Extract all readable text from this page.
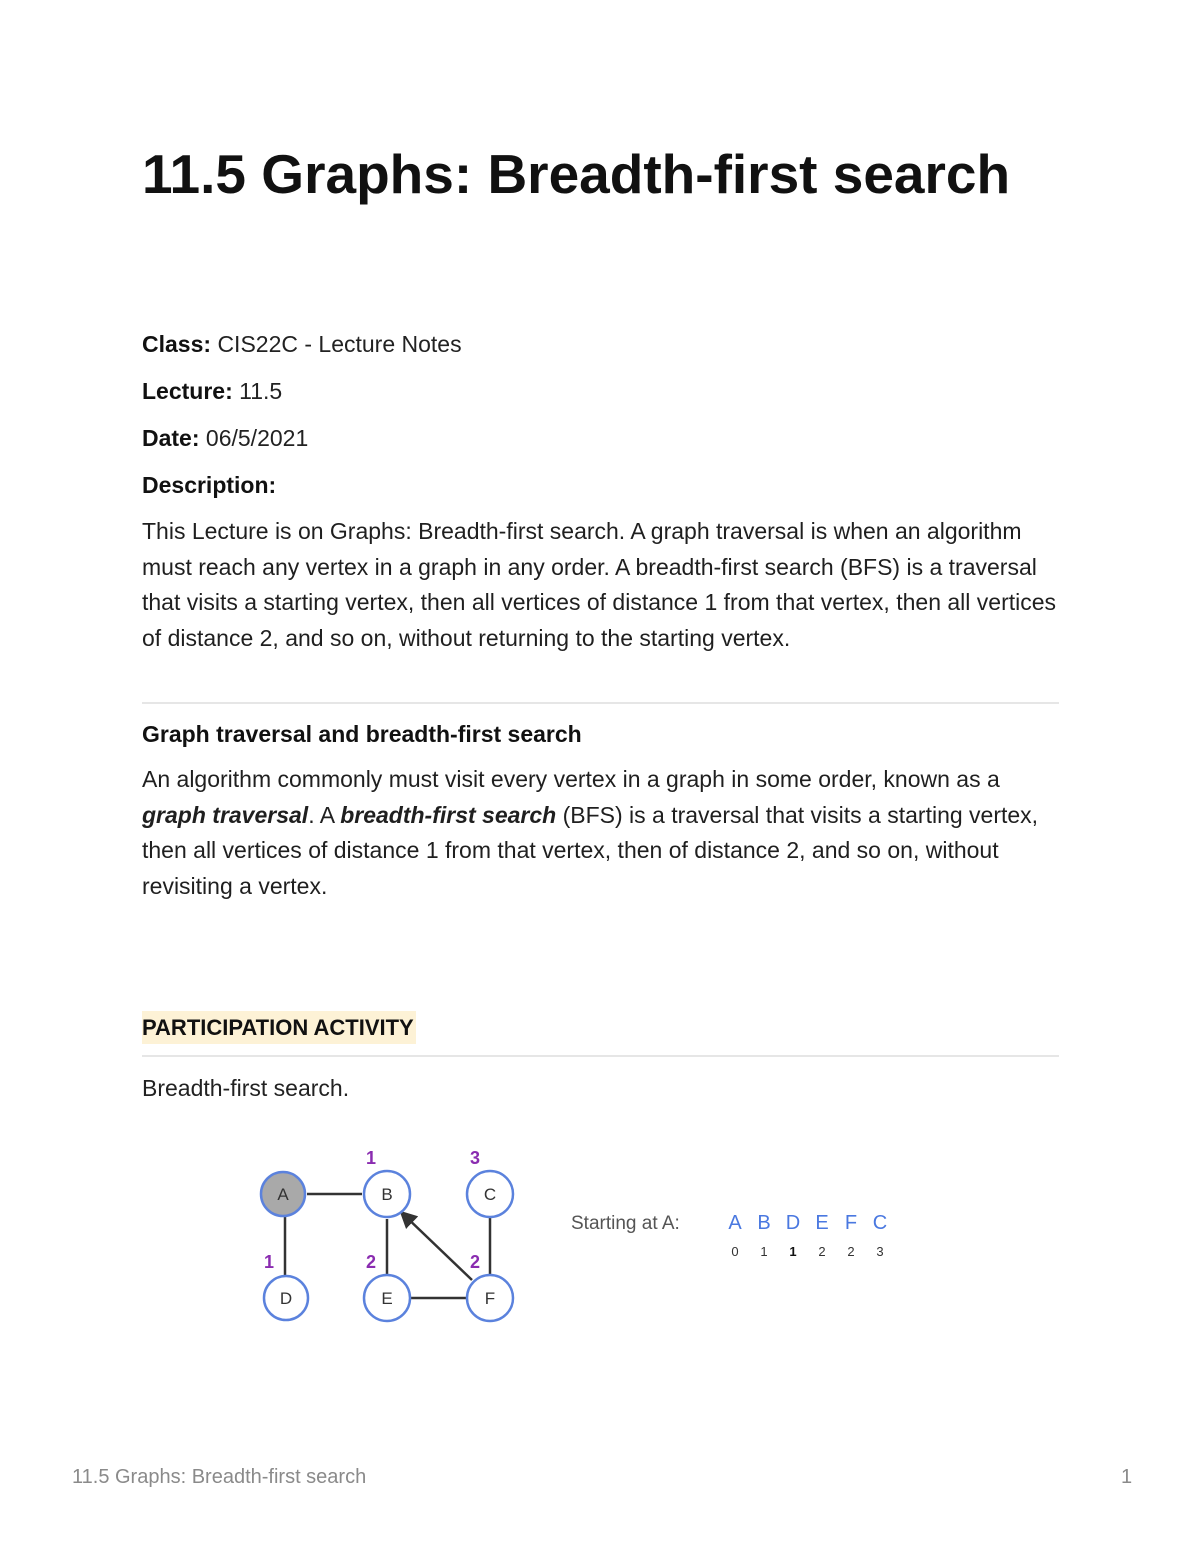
11.5 Graphs: Breadth-first search
Class: CIS22C - Lecture Notes
Lecture: 11.5
Date: 06/5/2021
Description:
This Lecture is on Graphs: Breadth-first search. A graph traversal is when an algorithm must reach any vertex in a graph in any order. A breadth-first search (BFS) is a traversal that visits a starting vertex, then all vertices of distance 1 from that vertex, then all vertices of distance 2, and so on, without returning to the starting vertex.
Graph traversal and breadth-first search
An algorithm commonly must visit every vertex in a graph in some order, known as a graph traversal. A breadth-first search (BFS) is a traversal that visits a starting vertex, then all vertices of distance 1 from that vertex, then of distance 2, and so on, without revisiting a vertex.
PARTICIPATION ACTIVITY
Breadth-first search.
A	B
1
C
3
D
1
E
2
F
2
Starting at A: A B D E F C
0 1 1 2 2 3
11.5 Graphs: Breadth-first search	1
